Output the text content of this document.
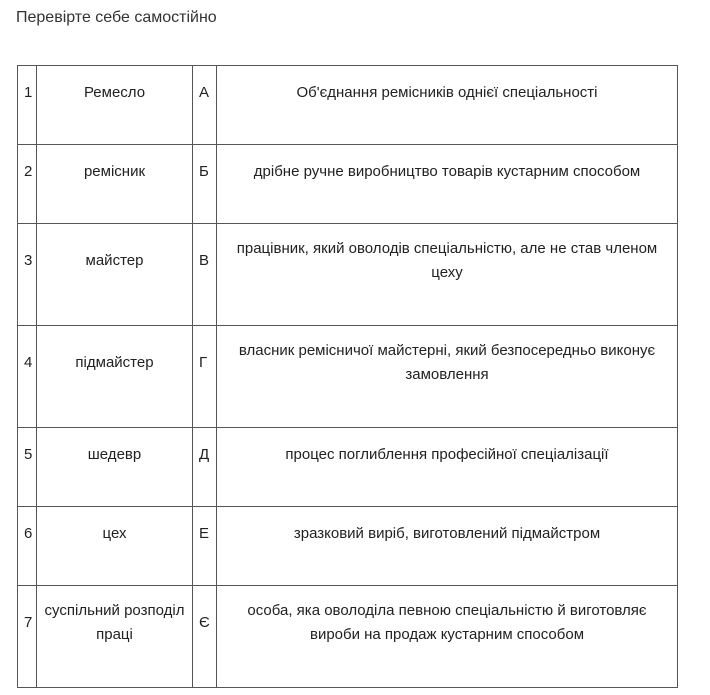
Перевірте себе самостійно
1	Ремесло	А	Об'єднання ремісників однієї спеціальності

2	ремісник	Б	дрібне ручне виробництво товарів кустарним способом

3	майстер	В	працівник, який оволодів спеціальністю, але не став членом цеху

4	підмайстер	Г	власник ремісничої майстерні, який безпосередньо виконує замовлення

5	шедевр	Д	процес поглиблення професійної спеціалізації

6	цех	Е	зразковий виріб, виготовлений підмайстром

7	суспільний розподіл праці	Є	особа, яка оволоділа певною спеціальністю й виготовляє вироби на продаж кустарним способом
